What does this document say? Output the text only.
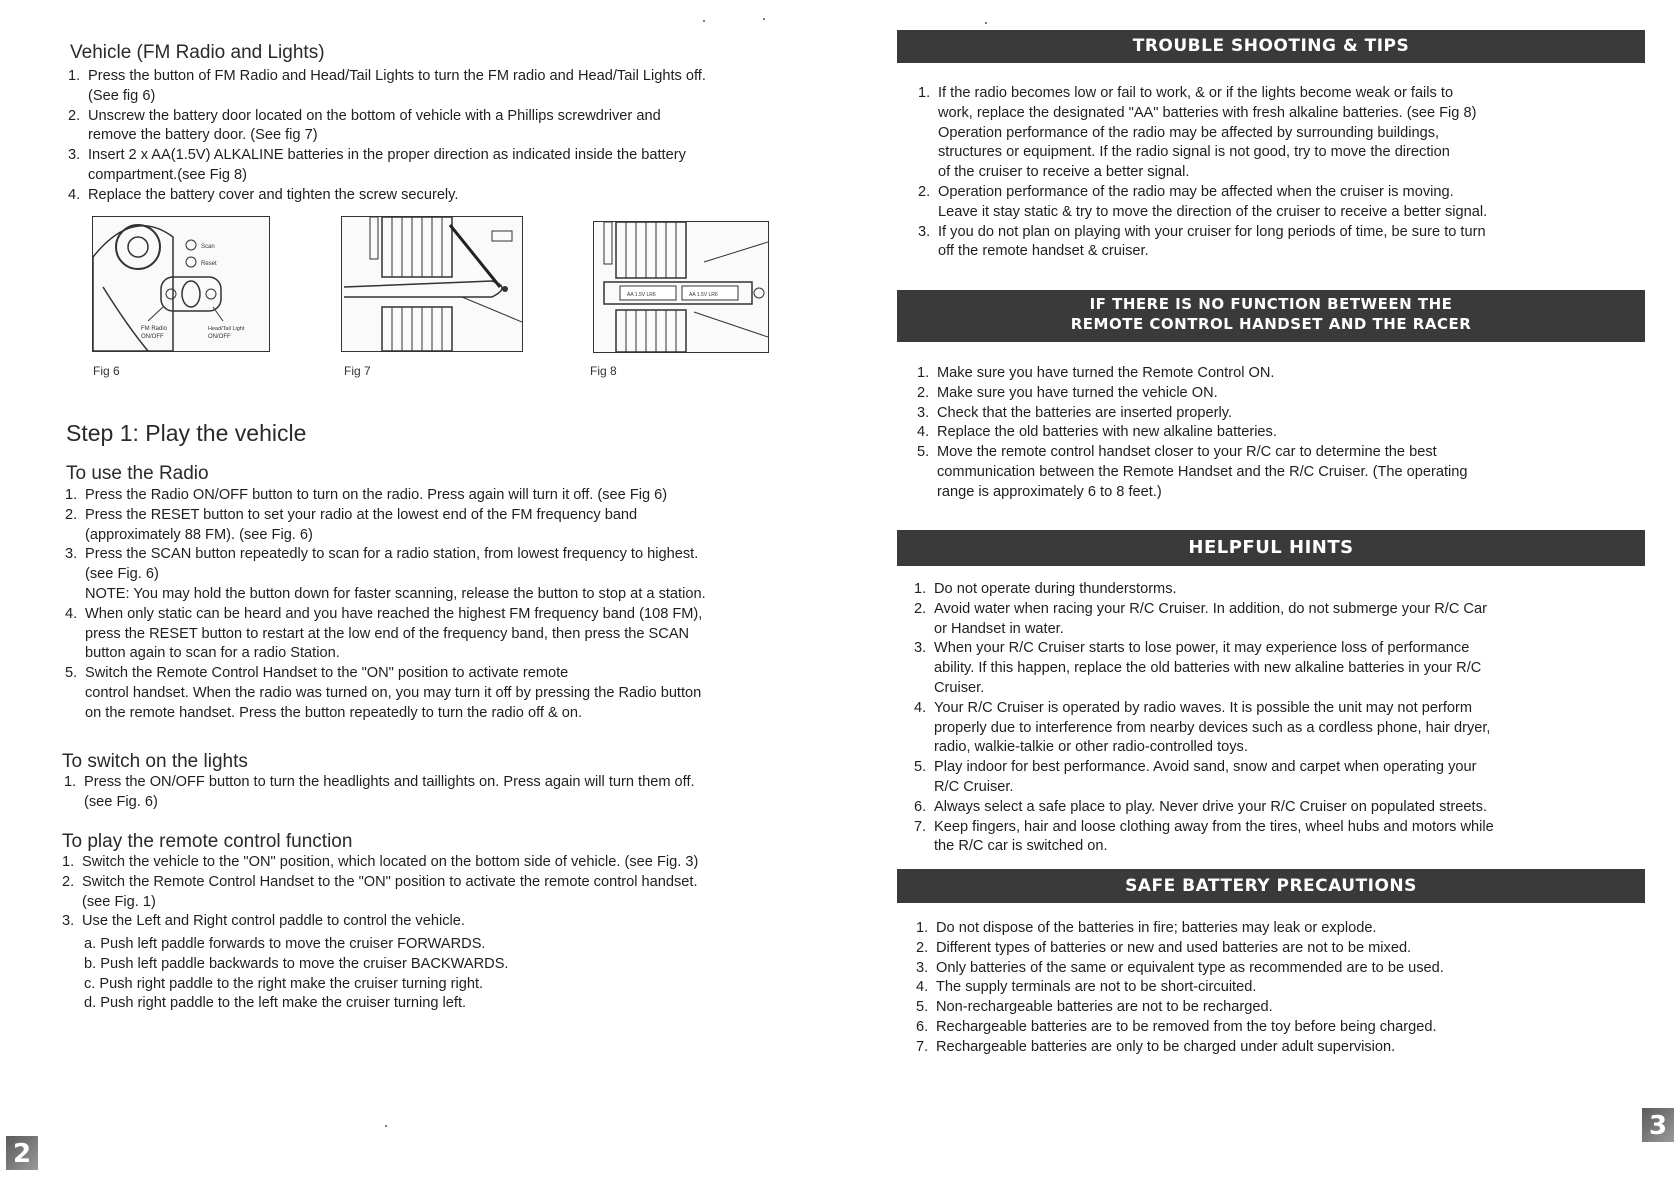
Vehicle (FM Radio and Lights)
1. Press the button of FM Radio and Head/Tail Lights to turn the FM radio and Head/Tail Lights off.
(See fig 6)
2. Unscrew the battery door located on the bottom of vehicle with a Phillips screwdriver and
remove the battery door. (See fig 7)
3. Insert 2 x AA(1.5V) ALKALINE batteries in the proper direction as indicated inside the battery
compartment.(see Fig 8)
4. Replace the battery cover and tighten the screw securely.
Scan
Reset
FM Radio
ON/OFF
Head/Tail Light
ON/OFF
Fig 6	Fig 7
AA 1.5V LR6	AA 1.5V LR6
Fig 8
Step 1: Play the vehicle
To use the Radio
1. Press the Radio ON/OFF button to turn on the radio. Press again will turn it off. (see Fig 6)
2. Press the RESET button to set your radio at the lowest end of the FM frequency band
(approximately 88 FM). (see Fig. 6)
3. Press the SCAN button repeatedly to scan for a radio station, from lowest frequency to highest.
(see Fig. 6)
NOTE: You may hold the button down for faster scanning, release the button to stop at a station.
4. When only static can be heard and you have reached the highest FM frequency band (108 FM),
press the RESET button to restart at the low end of the frequency band, then press the SCAN
button again to scan for a radio Station.
5. Switch the Remote Control Handset to the "ON" position to activate remote
control handset. When the radio was turned on, you may turn it off by pressing the Radio button
on the remote handset. Press the button repeatedly to turn the radio off & on.
To switch on the lights
1. Press the ON/OFF button to turn the headlights and taillights on. Press again will turn them off.
(see Fig. 6)
To play the remote control function
1. Switch the vehicle to the "ON" position, which located on the bottom side of vehicle. (see Fig. 3)
2. Switch the Remote Control Handset to the "ON" position to activate the remote control handset.
(see Fig. 1)
3. Use the Left and Right control paddle to control the vehicle.
a. Push left paddle forwards to move the cruiser FORWARDS.
b. Push left paddle backwards to move the cruiser BACKWARDS.
c. Push right paddle to the right make the cruiser turning right.
d. Push right paddle to the left make the cruiser turning left.
2
TROUBLE SHOOTING & TIPS
1. If the radio becomes low or fail to work, & or if the lights become weak or fails to
work, replace the designated "AA" batteries with fresh alkaline batteries. (see Fig 8)
Operation performance of the radio may be affected by surrounding buildings,
structures or equipment. If the radio signal is not good, try to move the direction
of the cruiser to receive a better signal.
2. Operation performance of the radio may be affected when the cruiser is moving.
Leave it stay static & try to move the direction of the cruiser to receive a better signal.
3. If you do not plan on playing with your cruiser for long periods of time, be sure to turn
off the remote handset & cruiser.
IF THERE IS NO FUNCTION BETWEEN THE
REMOTE CONTROL HANDSET AND THE RACER
1. Make sure you have turned the Remote Control ON.
2. Make sure you have turned the vehicle ON.
3. Check that the batteries are inserted properly.
4. Replace the old batteries with new alkaline batteries.
5. Move the remote control handset closer to your R/C car to determine the best
communication between the Remote Handset and the R/C Cruiser. (The operating
range is approximately 6 to 8 feet.)
HELPFUL HINTS
1. Do not operate during thunderstorms.
2. Avoid water when racing your R/C Cruiser. In addition, do not submerge your R/C Car
or Handset in water.
3. When your R/C Cruiser starts to lose power, it may experience loss of performance
ability. If this happen, replace the old batteries with new alkaline batteries in your R/C
Cruiser.
4. Your R/C Cruiser is operated by radio waves. It is possible the unit may not perform
properly due to interference from nearby devices such as a cordless phone, hair dryer,
radio, walkie-talkie or other radio-controlled toys.
5. Play indoor for best performance. Avoid sand, snow and carpet when operating your
R/C Cruiser.
6. Always select a safe place to play. Never drive your R/C Cruiser on populated streets.
7. Keep fingers, hair and loose clothing away from the tires, wheel hubs and motors while
the R/C car is switched on.
SAFE BATTERY PRECAUTIONS
1. Do not dispose of the batteries in fire; batteries may leak or explode.
2. Different types of batteries or new and used batteries are not to be mixed.
3. Only batteries of the same or equivalent type as recommended are to be used.
4. The supply terminals are not to be short-circuited.
5. Non-rechargeable batteries are not to be recharged.
6. Rechargeable batteries are to be removed from the toy before being charged.
7. Rechargeable batteries are only to be charged under adult supervision.
3
